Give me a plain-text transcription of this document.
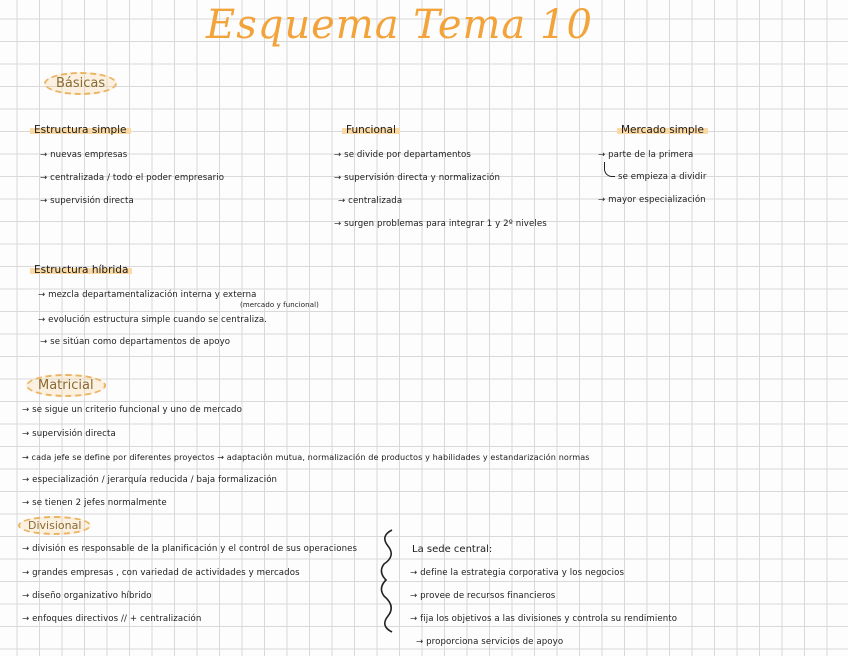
Esquema Tema 10
Básicas
Estructura simple
→ nuevas empresas
→ centralizada / todo el poder empresario
→ supervisión directa
Funcional
→ se divide por departamentos
→ supervisión directa y normalización
→ centralizada
→ surgen problemas para integrar 1 y 2º niveles
Mercado simple
→ parte de la primera
se empieza a dividir
→ mayor especialización
Estructura híbrida
→ mezcla departamentalización interna y externa
(mercado y funcional)
→ evolución estructura simple cuando se centraliza.
→ se sitúan como departamentos de apoyo
Matricial
→ se sigue un criterio funcional y uno de mercado
→ supervisión directa
→ cada jefe se define por diferentes proyectos → adaptación mutua, normalización de productos y habilidades y estandarización normas
→ especialización / jerarquía reducida / baja formalización
→ se tienen 2 jefes normalmente
Divisional
→ división es responsable de la planificación y el control de sus operaciones
→ grandes empresas , con variedad de actividades y mercados
→ diseño organizativo híbrido
→ enfoques directivos // + centralización
La sede central:
→ define la estrategia corporativa y los negocios
→ provee de recursos financieros
→ fija los objetivos a las divisiones y controla su rendimiento
→ proporciona servicios de apoyo
